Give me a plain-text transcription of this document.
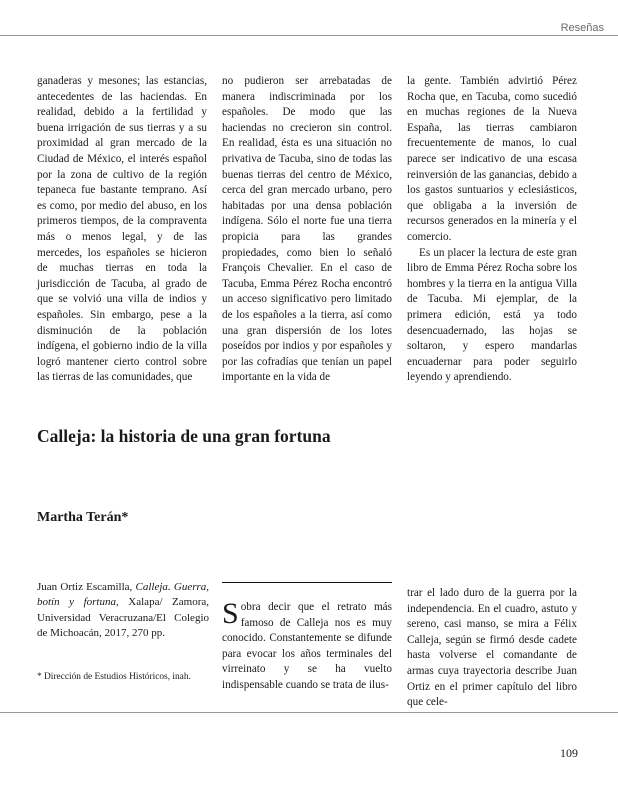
Reseñas

ganaderas y mesones; las estancias, antecedentes de las haciendas. En realidad, debido a la fertilidad y buena irrigación de sus tierras y a su proximidad al gran mercado de la Ciudad de México, el interés español por la zona de cultivo de la región tepaneca fue bastante temprano. Así es como, por medio del abuso, en los primeros tiempos, de la compraventa más o menos legal, y de las mercedes, los españoles se hicieron de muchas tierras en toda la jurisdicción de Tacuba, al grado de que se volvió una villa de indios y españoles. Sin embargo, pese a la disminución de la población indígena, el gobierno indio de la villa logró mantener cierto control sobre las tierras de las comunidades, que

no pudieron ser arrebatadas de manera indiscriminada por los españoles. De modo que las haciendas no crecieron sin control. En realidad, ésta es una situación no privativa de Tacuba, sino de todas las buenas tierras del centro de México, cerca del gran mercado urbano, pero habitadas por una densa población indígena. Sólo el norte fue una tierra propicia para las grandes propiedades, como bien lo señaló François Chevalier. En el caso de Tacuba, Emma Pérez Rocha encontró un acceso significativo pero limitado de los españoles a la tierra, así como una gran dispersión de los lotes poseídos por indios y por españoles y por las cofradías que tenían un papel importante en la vida de

la gente. También advirtió Pérez Rocha que, en Tacuba, como sucedió en muchas regiones de la Nueva España, las tierras cambiaron frecuentemente de manos, lo cual parece ser indicativo de una escasa reinversión de las ganancias, debido a los gastos suntuarios y eclesiásticos, que obligaba a la inversión de recursos generados en la minería y el comercio.

Es un placer la lectura de este gran libro de Emma Pérez Rocha sobre los hombres y la tierra en la antigua Villa de Tacuba. Mi ejemplar, de la primera edición, está ya todo desencuadernado, las hojas se soltaron, y espero mandarlas encuadernar para poder seguirlo leyendo y aprendiendo.

Calleja: la historia de una gran fortuna

Martha Terán*

Juan Ortiz Escamilla, Calleja. Guerra, botín y fortuna, Xalapa/ Zamora, Universidad Veracruzana/El Colegio de Michoacán, 2017, 270 pp.

* Dirección de Estudios Históricos, inah.

Sobra decir que el retrato más famoso de Calleja nos es muy conocido. Constantemente se difunde para evocar los años terminales del virreinato y se ha vuelto indispensable cuando se trata de ilus-

trar el lado duro de la guerra por la independencia. En el cuadro, astuto y sereno, casi manso, se mira a Félix Calleja, según se firmó desde cadete hasta volverse el comandante de armas cuya trayectoria describe Juan Ortiz en el primer capítulo del libro que cele-

109
